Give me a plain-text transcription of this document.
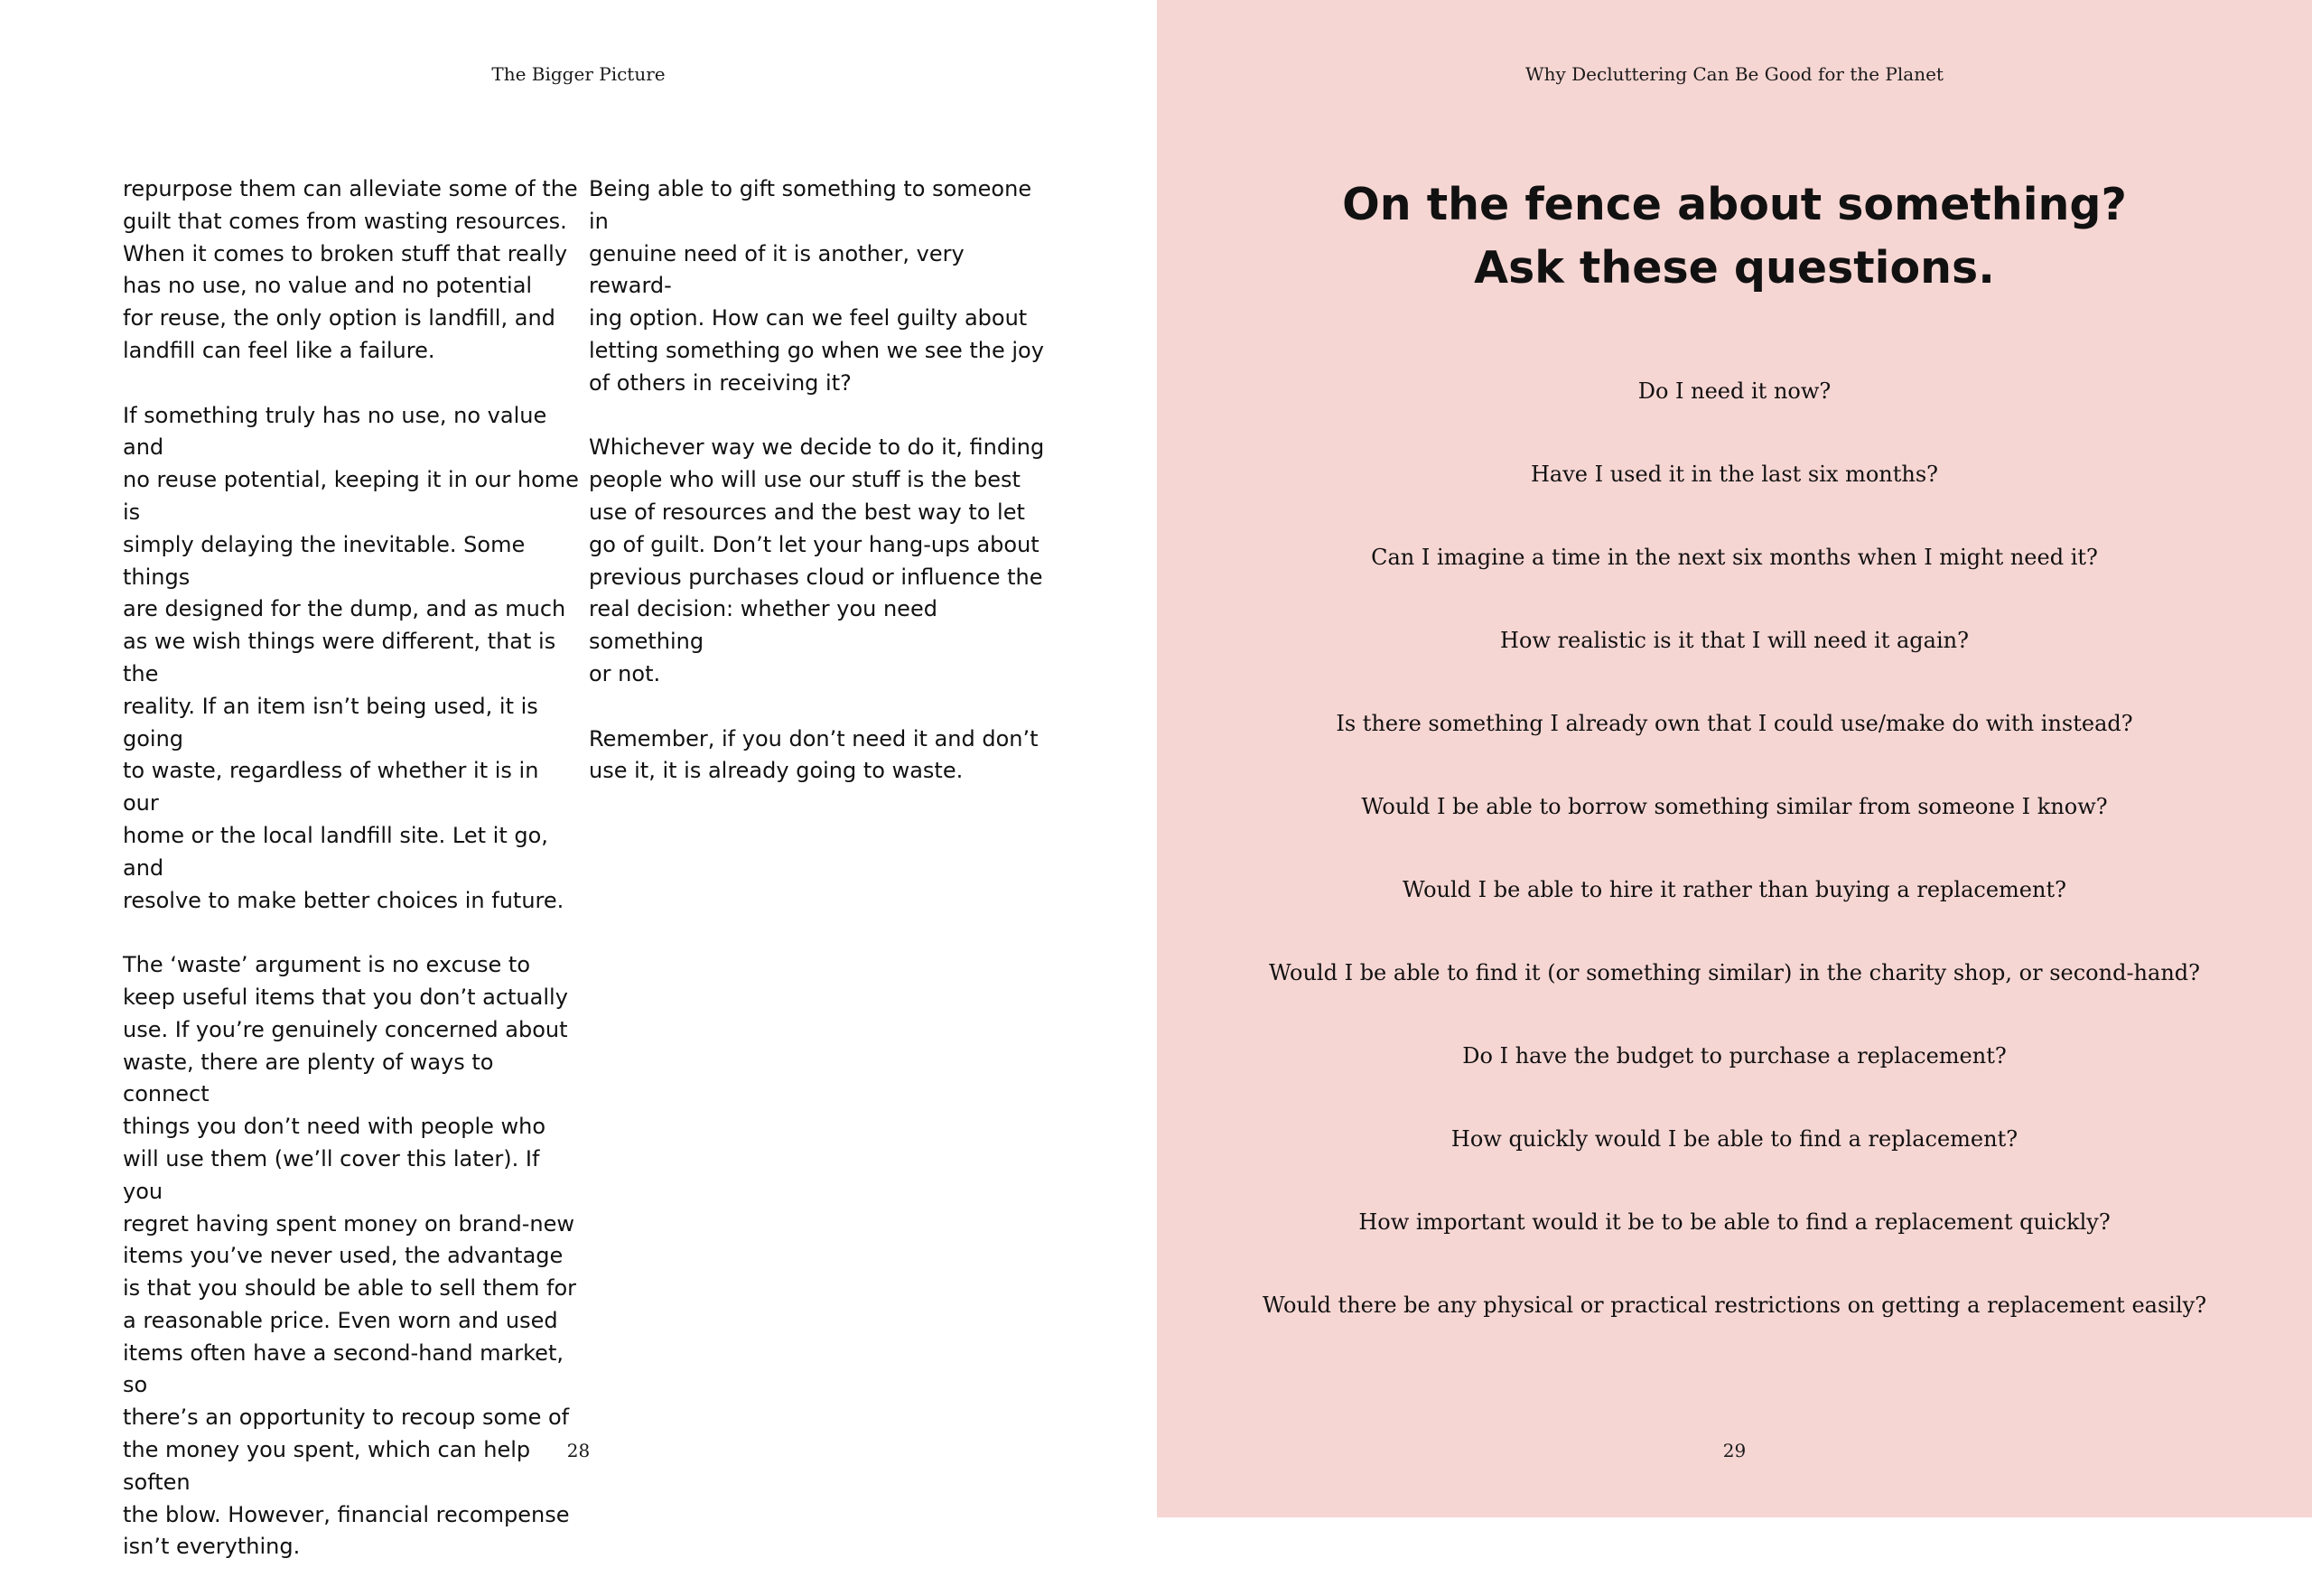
The Bigger Picture

repurpose them can alleviate some of the
guilt that comes from wasting resources.
When it comes to broken stuff that really
has no use, no value and no potential
for reuse, the only option is landfill, and
landfill can feel like a failure.

If something truly has no use, no value and
no reuse potential, keeping it in our home is
simply delaying the inevitable. Some things
are designed for the dump, and as much
as we wish things were different, that is the
reality. If an item isn’t being used, it is going
to waste, regardless of whether it is in our
home or the local landfill site. Let it go, and
resolve to make better choices in future.

The ‘waste’ argument is no excuse to
keep useful items that you don’t actually
use. If you’re genuinely concerned about
waste, there are plenty of ways to connect
things you don’t need with people who
will use them (we’ll cover this later). If you
regret having spent money on brand-new
items you’ve never used, the advantage
is that you should be able to sell them for
a reasonable price. Even worn and used
items often have a second-hand market, so
there’s an opportunity to recoup some of
the money you spent, which can help soften
the blow. However, financial recompense
isn’t everything.

Being able to gift something to someone in
genuine need of it is another, very reward-
ing option. How can we feel guilty about
letting something go when we see the joy
of others in receiving it?

Whichever way we decide to do it, finding
people who will use our stuff is the best
use of resources and the best way to let
go of guilt. Don’t let your hang-ups about
previous purchases cloud or influence the
real decision: whether you need something
or not.

Remember, if you don’t need it and don’t
use it, it is already going to waste.

28
Why Decluttering Can Be Good for the Planet
On the fence about something?
Ask these questions.
Do I need it now?
Have I used it in the last six months?
Can I imagine a time in the next six months when I might need it?
How realistic is it that I will need it again?
Is there something I already own that I could use/make do with instead?
Would I be able to borrow something similar from someone I know?
Would I be able to hire it rather than buying a replacement?
Would I be able to find it (or something similar) in the charity shop, or second-hand?
Do I have the budget to purchase a replacement?
How quickly would I be able to find a replacement?
How important would it be to be able to find a replacement quickly?
Would there be any physical or practical restrictions on getting a replacement easily?
29
